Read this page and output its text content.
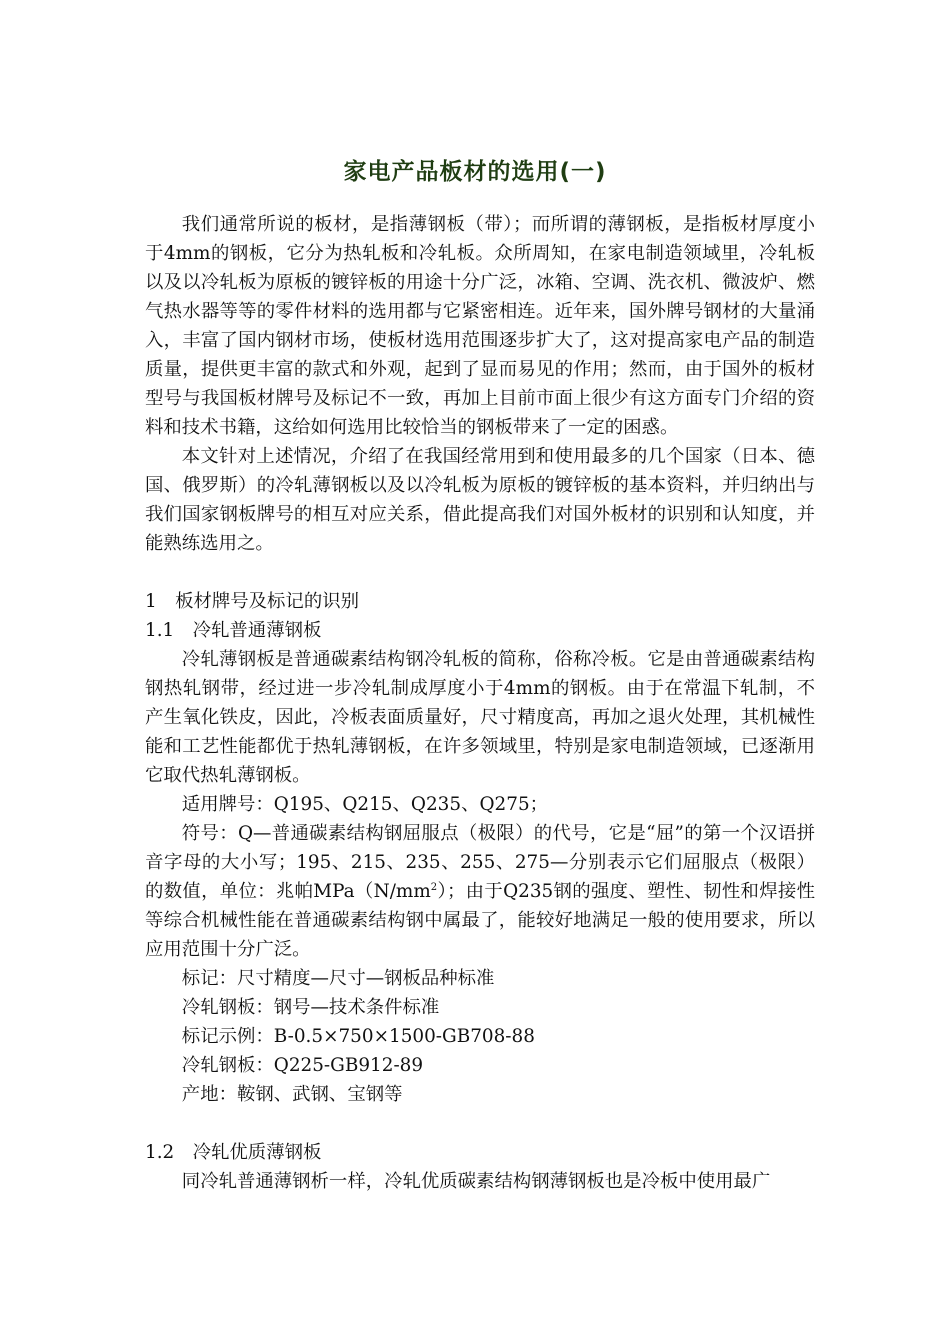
家电产品板材的选用(一)

我们通常所说的板材，是指薄钢板（带）；而所谓的薄钢板，是指板材厚度小于4mm的钢板，它分为热轧板和冷轧板。众所周知，在家电制造领域里，冷轧板以及以冷轧板为原板的镀锌板的用途十分广泛，冰箱、空调、洗衣机、微波炉、燃气热水器等等的零件材料的选用都与它紧密相连。近年来，国外牌号钢材的大量涌入，丰富了国内钢材市场，使板材选用范围逐步扩大了，这对提高家电产品的制造质量，提供更丰富的款式和外观，起到了显而易见的作用；然而，由于国外的板材型号与我国板材牌号及标记不一致，再加上目前市面上很少有这方面专门介绍的资料和技术书籍，这给如何选用比较恰当的钢板带来了一定的困惑。

本文针对上述情况，介绍了在我国经常用到和使用最多的几个国家（日本、德国、俄罗斯）的冷轧薄钢板以及以冷轧板为原板的镀锌板的基本资料，并归纳出与我们国家钢板牌号的相互对应关系，借此提高我们对国外板材的识别和认知度，并能熟练选用之。

1　板材牌号及标记的识别

1.1　冷轧普通薄钢板

冷轧薄钢板是普通碳素结构钢冷轧板的简称，俗称冷板。它是由普通碳素结构钢热轧钢带，经过进一步冷轧制成厚度小于4mm的钢板。由于在常温下轧制，不产生氧化铁皮，因此，冷板表面质量好，尺寸精度高，再加之退火处理，其机械性能和工艺性能都优于热轧薄钢板，在许多领域里，特别是家电制造领域，已逐渐用它取代热轧薄钢板。

适用牌号：Q195、Q215、Q235、Q275；

符号：Q—普通碳素结构钢屈服点（极限）的代号，它是“屈”的第一个汉语拼音字母的大小写；195、215、235、255、275—分别表示它们屈服点（极限）的数值，单位：兆帕$MPa(N/mm^2)$；由于Q235钢的强度、塑性、韧性和焊接性等综合机械性能在普通碳素结构钢中属最了，能较好地满足一般的使用要求，所以应用范围十分广泛。

标记：尺寸精度—尺寸—钢板品种标准

冷轧钢板：钢号—技术条件标准

标记示例：B-0.5×750×1500-GB708-88

冷轧钢板：Q225-GB912-89

产地：鞍钢、武钢、宝钢等

1.2　冷轧优质薄钢板

同冷轧普通薄钢析一样，冷轧优质碳素结构钢薄钢板也是冷板中使用最广
